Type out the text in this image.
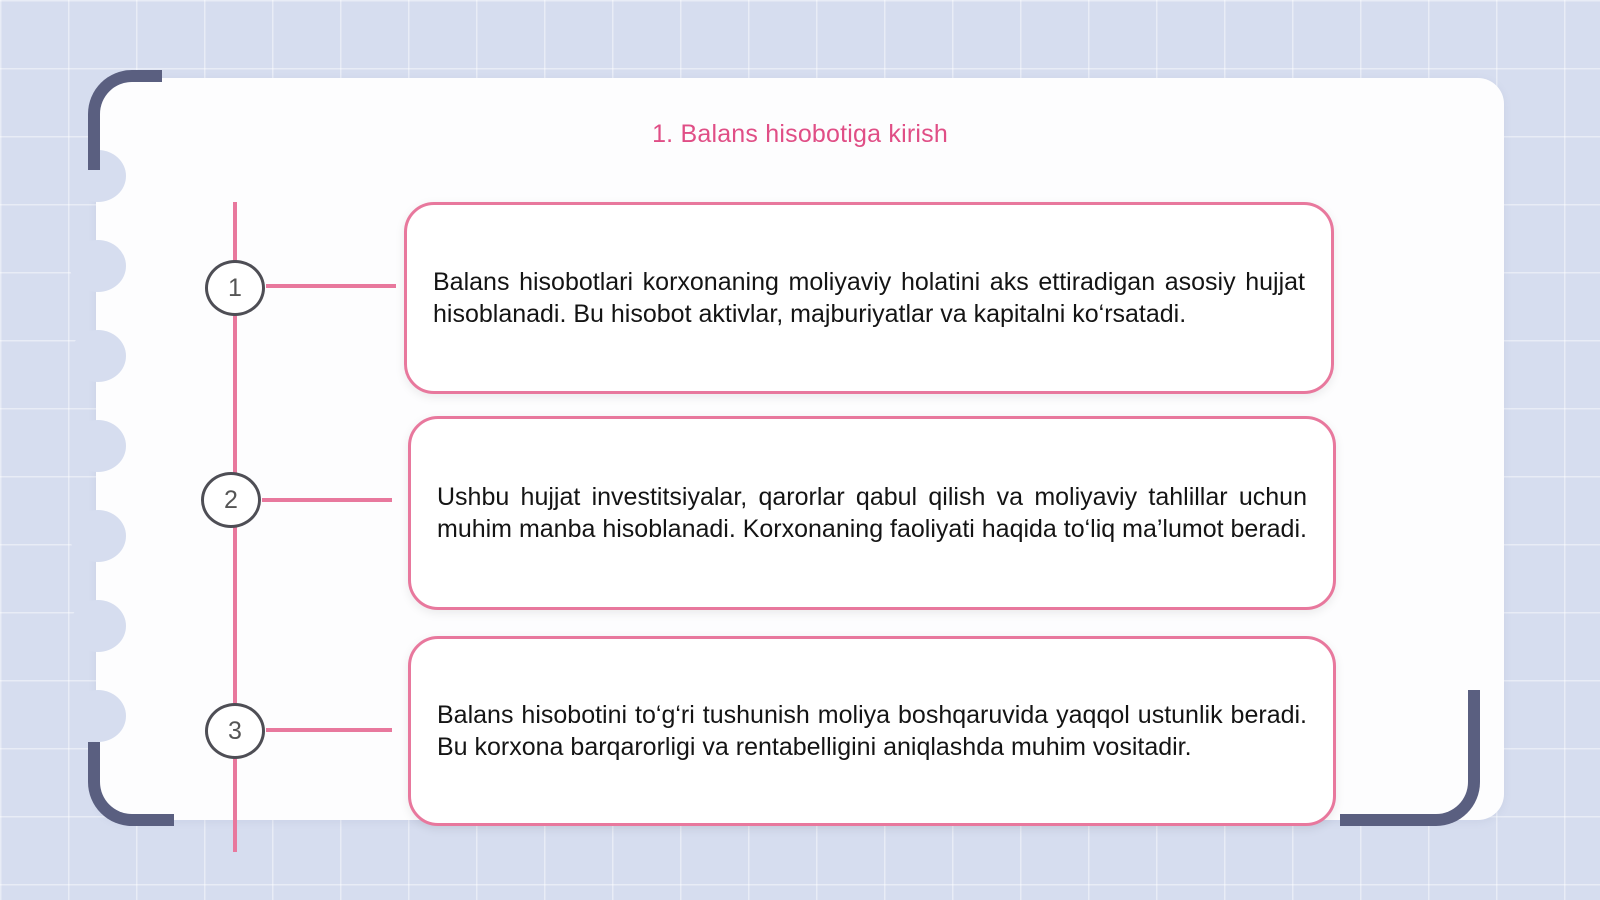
1. Balans hisobotiga kirish
1	Balans hisobotlari korxonaning moliyaviy holatini aks ettiradigan asosiy hujjat hisoblanadi. Bu hisobot aktivlar, majburiyatlar va kapitalni ko‘rsatadi.
2	Ushbu hujjat investitsiyalar, qarorlar qabul qilish va moliyaviy tahlillar uchun muhim manba hisoblanadi. Korxonaning faoliyati haqida to‘liq ma’lumot beradi.
3
Balans hisobotini to‘g‘ri tushunish moliya boshqaruvida yaqqol ustunlik beradi. Bu korxona barqarorligi va rentabelligini aniqlashda muhim vositadir.
